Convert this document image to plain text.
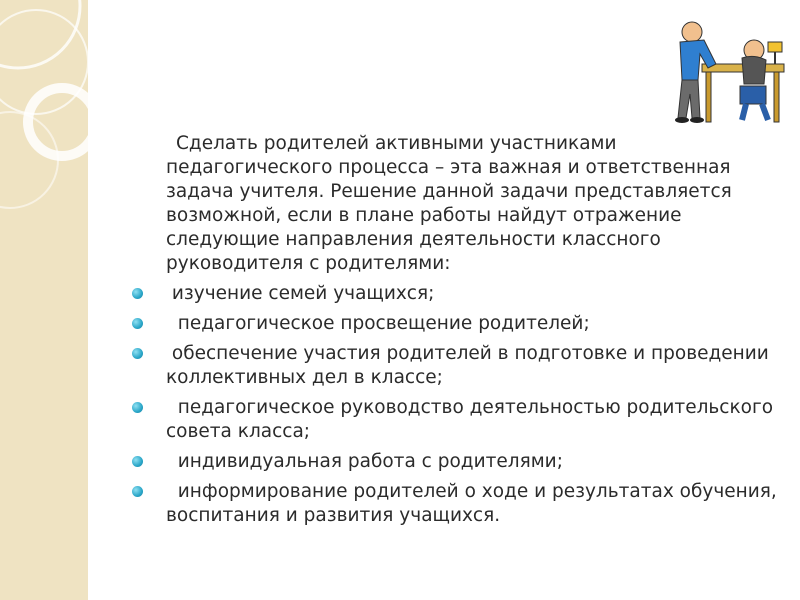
Сделать родителей активными участниками педагогического процесса – эта важная и ответственная задача учителя. Решение данной задачи представляется возможной, если в плане работы найдут отражение следующие направления деятельности классного руководителя с родителями:

изучение семей учащихся;
педагогическое просвещение родителей;
обеспечение участия родителей в подготовке и проведении  коллективных дел в классе;
педагогическое руководство деятельностью родительского совета класса;
индивидуальная работа с родителями;
информирование родителей о ходе и результатах обучения, воспитания и развития учащихся.
